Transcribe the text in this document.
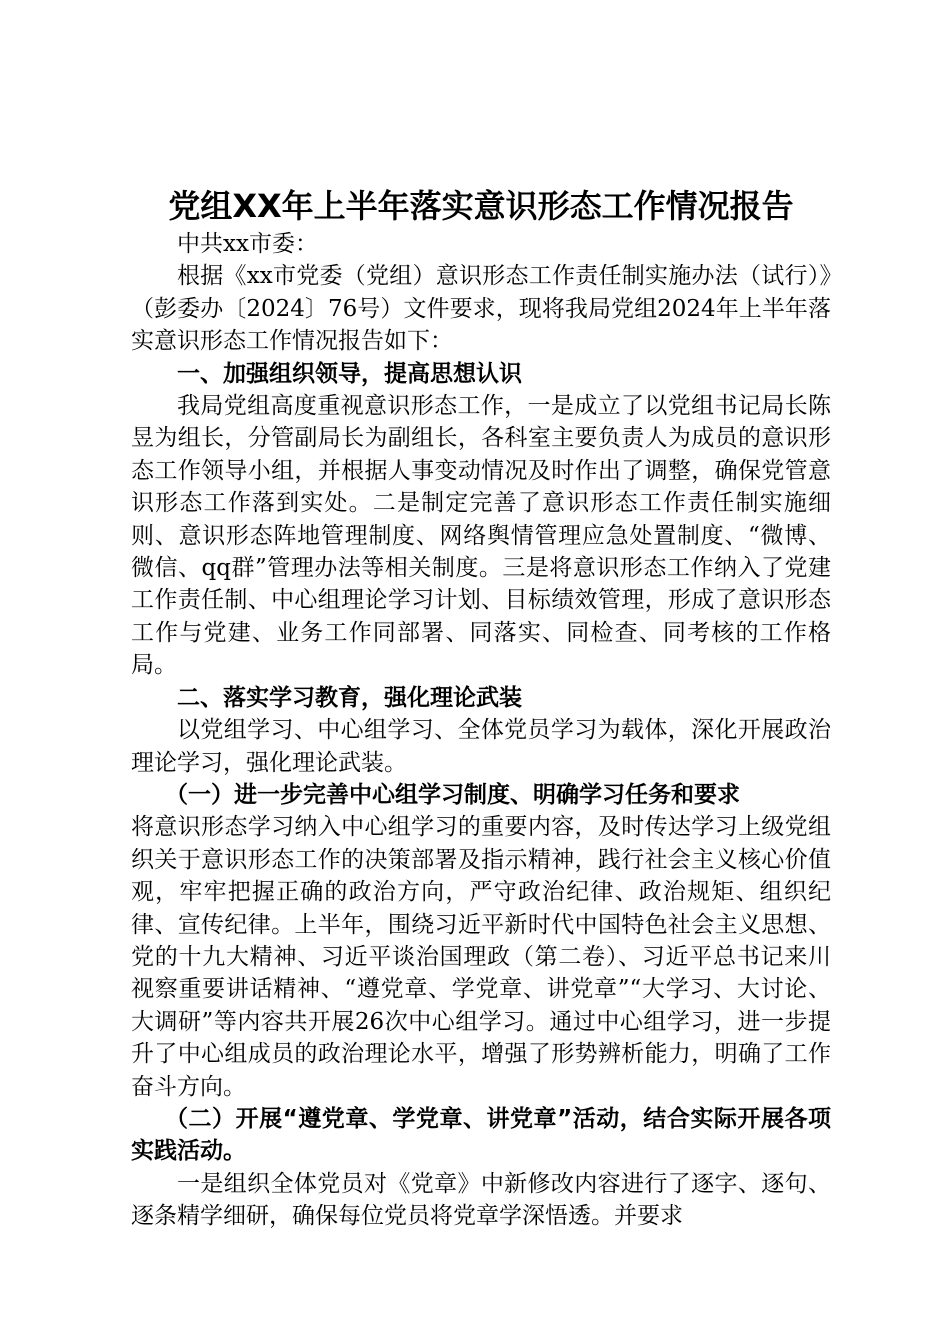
党组XX年上半年落实意识形态工作情况报告

中共xx市委：

根据《xx市党委（党组）意识形态工作责任制实施办法（试行）》（彭委办〔2024〕76号）文件要求，现将我局党组2024年上半年落实意识形态工作情况报告如下：

一、加强组织领导，提高思想认识

我局党组高度重视意识形态工作，一是成立了以党组书记局长陈昱为组长，分管副局长为副组长，各科室主要负责人为成员的意识形态工作领导小组，并根据人事变动情况及时作出了调整，确保党管意识形态工作落到实处。二是制定完善了意识形态工作责任制实施细则、意识形态阵地管理制度、网络舆情管理应急处置制度、“微博、微信、qq群”管理办法等相关制度。三是将意识形态工作纳入了党建工作责任制、中心组理论学习计划、目标绩效管理，形成了意识形态工作与党建、业务工作同部署、同落实、同检查、同考核的工作格局。

二、落实学习教育，强化理论武装

以党组学习、中心组学习、全体党员学习为载体，深化开展政治理论学习，强化理论武装。

（一）进一步完善中心组学习制度、明确学习任务和要求

将意识形态学习纳入中心组学习的重要内容，及时传达学习上级党组织关于意识形态工作的决策部署及指示精神，践行社会主义核心价值观，牢牢把握正确的政治方向，严守政治纪律、政治规矩、组织纪律、宣传纪律。上半年，围绕习近平新时代中国特色社会主义思想、党的十九大精神、习近平谈治国理政（第二卷）、习近平总书记来川视察重要讲话精神、“遵党章、学党章、讲党章”“大学习、大讨论、大调研”等内容共开展26次中心组学习。通过中心组学习，进一步提升了中心组成员的政治理论水平，增强了形势辨析能力，明确了工作奋斗方向。

（二）开展“遵党章、学党章、讲党章”活动，结合实际开展各项实践活动。

一是组织全体党员对《党章》中新修改内容进行了逐字、逐句、逐条精学细研，确保每位党员将党章学深悟透。并要求
